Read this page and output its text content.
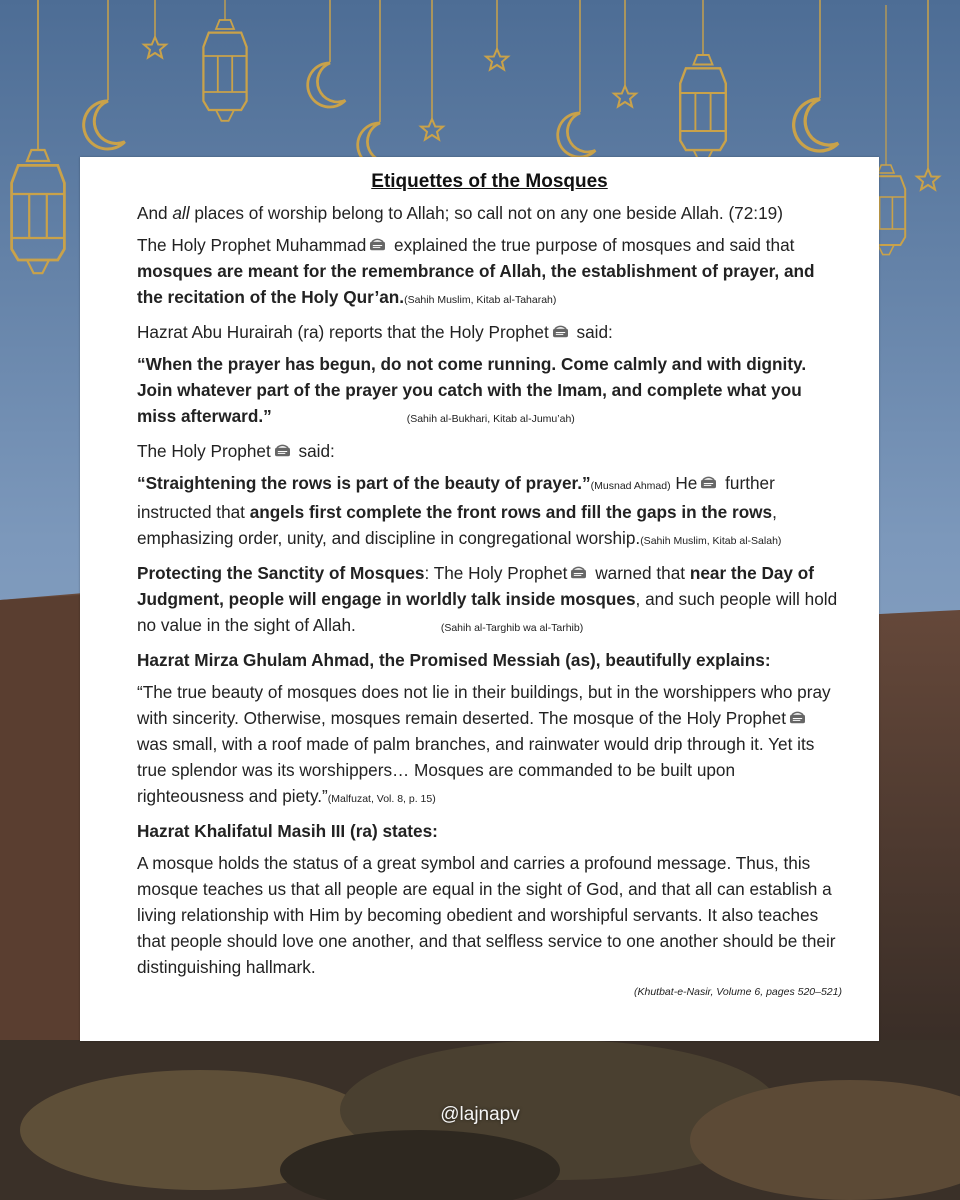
Etiquettes of the Mosques
And all places of worship belong to Allah; so call not on any one beside Allah. (72:19)
The Holy Prophet Muhammad explained the true purpose of mosques and said that mosques are meant for the remembrance of Allah, the establishment of prayer, and the recitation of the Holy Qur’an.(Sahih Muslim, Kitab al-Taharah)
Hazrat Abu Hurairah (ra) reports that the Holy Prophet said:
“When the prayer has begun, do not come running. Come calmly and with dignity. Join whatever part of the prayer you catch with the Imam, and complete what you miss afterward.”	(Sahih al-Bukhari, Kitab al-Jumu’ah)
The Holy Prophet said:
“Straightening the rows is part of the beauty of prayer.”(Musnad Ahmad) He further instructed that angels first complete the front rows and fill the gaps in the rows, emphasizing order, unity, and discipline in congregational worship.(Sahih Muslim, Kitab al-Salah)
Protecting the Sanctity of Mosques: The Holy Prophet warned that near the Day of Judgment, people will engage in worldly talk inside mosques, and such people will hold no value in the sight of Allah.	(Sahih al-Targhib wa al-Tarhib)
Hazrat Mirza Ghulam Ahmad, the Promised Messiah (as), beautifully explains:
“The true beauty of mosques does not lie in their buildings, but in the worshippers who pray with sincerity. Otherwise, mosques remain deserted. The mosque of the Holy Prophet was small, with a roof made of palm branches, and rainwater would drip through it. Yet its true splendor was its worshippers… Mosques are commanded to be built upon righteousness and piety.”(Malfuzat, Vol. 8, p. 15)
Hazrat Khalifatul Masih III (ra) states:
A mosque holds the status of a great symbol and carries a profound message. Thus, this mosque teaches us that all people are equal in the sight of God, and that all can establish a living relationship with Him by becoming obedient and worshipful servants. It also teaches that people should love one another, and that selfless service to one another should be their distinguishing hallmark.
(Khutbat-e-Nasir, Volume 6, pages 520–521)
@lajnapv
